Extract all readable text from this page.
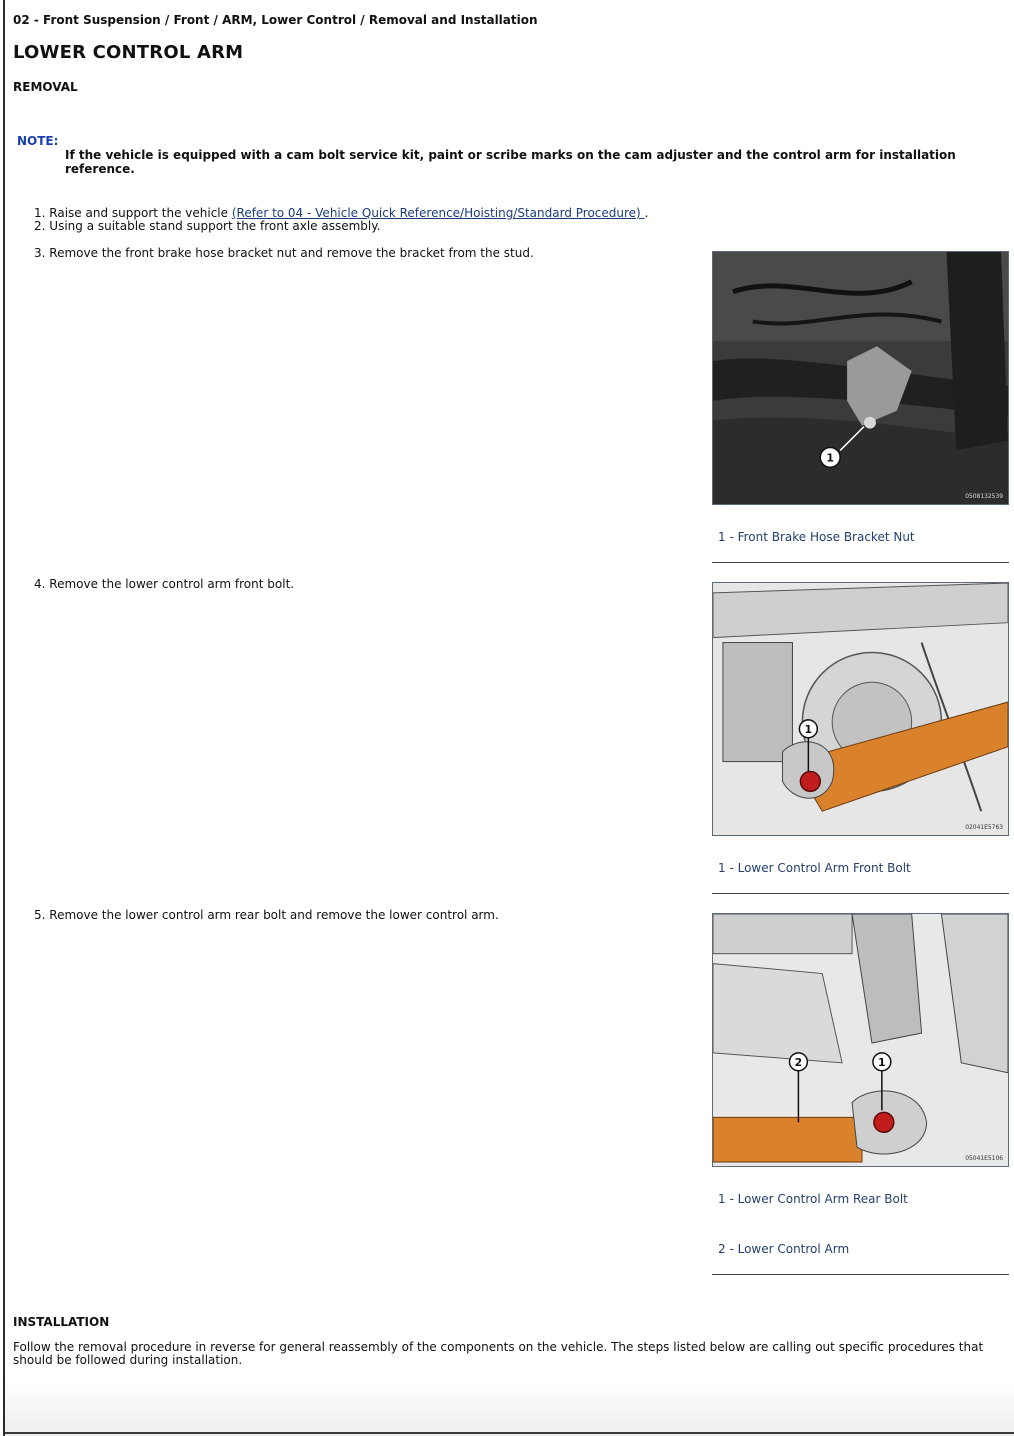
02 - Front Suspension / Front / ARM, Lower Control / Removal and Installation
LOWER CONTROL ARM
REMOVAL
NOTE:
If the vehicle is equipped with a cam bolt service kit, paint or scribe marks on the cam adjuster and the control arm for installation reference.
1. Raise and support the vehicle (Refer to 04 - Vehicle Quick Reference/Hoisting/Standard Procedure) .
2. Using a suitable stand support the front axle assembly.
3. Remove the front brake hose bracket nut and remove the bracket from the stud.
4. Remove the lower control arm front bolt.
5. Remove the lower control arm rear bolt and remove the lower control arm.
1
0508132539
1 - Front Brake Hose Bracket Nut
1
02041E5763
1 - Lower Control Arm Front Bolt
1
2
05041E5106
1 - Lower Control Arm Rear Bolt
2 - Lower Control Arm
INSTALLATION
Follow the removal procedure in reverse for general reassembly of the components on the vehicle. The steps listed below are calling out specific procedures that should be followed during installation.
